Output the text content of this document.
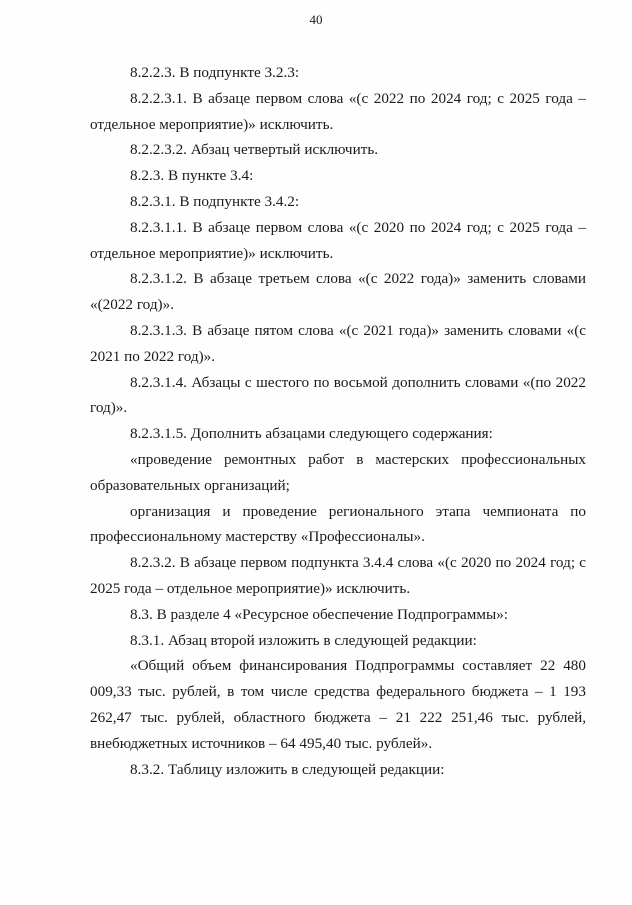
40

8.2.2.3. В подпункте 3.2.3:

8.2.2.3.1. В абзаце первом слова «(с 2022 по 2024 год; с 2025 года – отдельное мероприятие)» исключить.

8.2.2.3.2. Абзац четвертый исключить.

8.2.3. В пункте 3.4:

8.2.3.1. В подпункте 3.4.2:

8.2.3.1.1. В абзаце первом слова «(с 2020 по 2024 год; с 2025 года – отдельное мероприятие)» исключить.

8.2.3.1.2. В абзаце третьем слова «(с 2022 года)» заменить словами «(2022 год)».

8.2.3.1.3. В абзаце пятом слова «(с 2021 года)» заменить словами «(с 2021 по 2022 год)».

8.2.3.1.4. Абзацы с шестого по восьмой дополнить словами «(по 2022 год)».

8.2.3.1.5. Дополнить абзацами следующего содержания:

«проведение ремонтных работ в мастерских профессиональных образовательных организаций;

организация и проведение регионального этапа чемпионата по профессиональному мастерству «Профессионалы».

8.2.3.2. В абзаце первом подпункта 3.4.4 слова «(с 2020 по 2024 год; с 2025 года – отдельное мероприятие)» исключить.

8.3. В разделе 4 «Ресурсное обеспечение Подпрограммы»:

8.3.1. Абзац второй изложить в следующей редакции:

«Общий объем финансирования Подпрограммы составляет 22 480 009,33 тыс. рублей, в том числе средства федерального бюджета – 1 193 262,47 тыс. рублей, областного бюджета – 21 222 251,46 тыс. рублей, внебюджетных источников – 64 495,40 тыс. рублей».

8.3.2. Таблицу изложить в следующей редакции:
